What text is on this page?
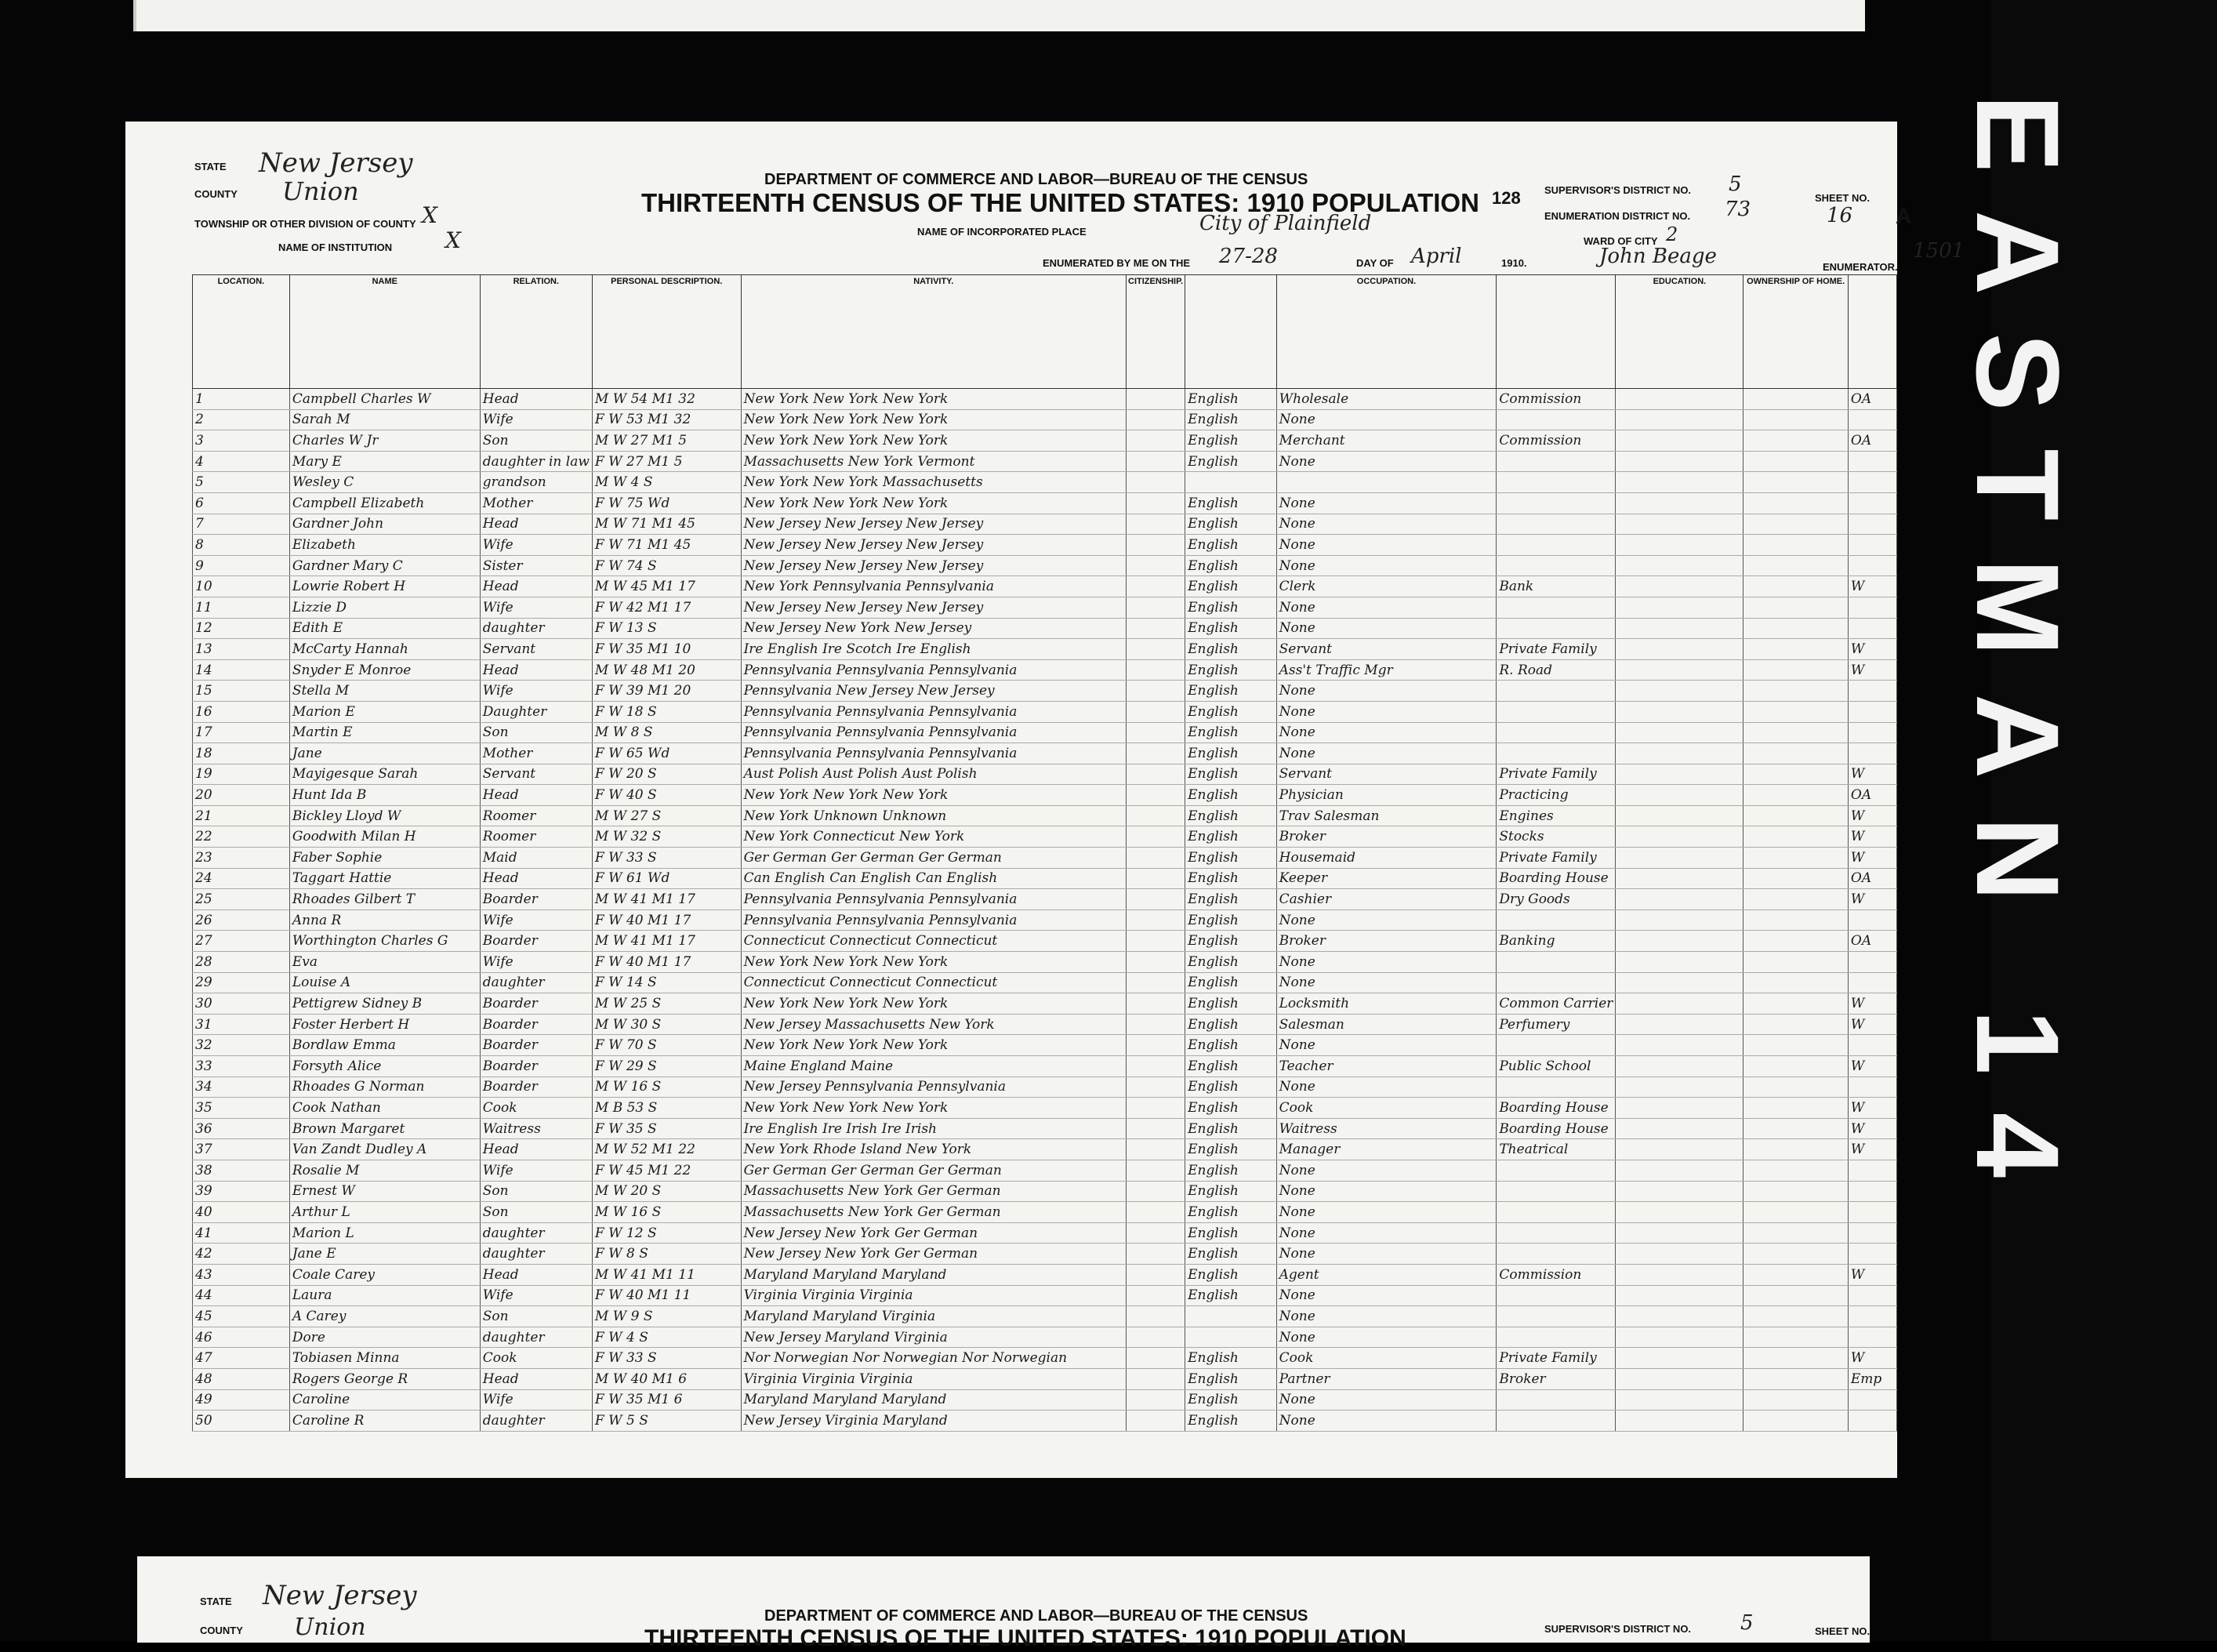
DEPARTMENT OF COMMERCE AND LABOR—BUREAU OF THE CENSUS
THIRTEENTH CENSUS OF THE UNITED STATES: 1910 POPULATION
STATE New Jersey
COUNTY Union
TOWNSHIP OR OTHER DIVISION OF COUNTY X
NAME OF INSTITUTION X	NAME OF INCORPORATED PLACE	City of Plainfield
ENUMERATED BY ME ON THE 27-28	DAY OF April	1910.	John Beage	ENUMERATOR.
128 SUPERVISOR'S DISTRICT NO. 5
ENUMERATION DISTRICT NO. 73
WARD OF CITY 2
SHEET NO.
16 A
1501
LOCATION.	NAME	RELATION.	PERSONAL DESCRIPTION.	NATIVITY.	CITIZENSHIP.		OCCUPATION.		EDUCATION.	OWNERSHIP OF HOME.	
1	Campbell Charles W	Head	M W 54 M1 32	New York New York New York		English	Wholesale	Commission			OA
2	Sarah M	Wife	F W 53 M1 32	New York New York New York		English	None				
3	Charles W Jr	Son	M W 27 M1 5	New York New York New York		English	Merchant	Commission			OA
4	Mary E	daughter in law	F W 27 M1 5	Massachusetts New York Vermont		English	None				
5	Wesley C	grandson	M W 4 S	New York New York Massachusetts							
6	Campbell Elizabeth	Mother	F W 75 Wd	New York New York New York		English	None				
7	Gardner John	Head	M W 71 M1 45	New Jersey New Jersey New Jersey		English	None				
8	Elizabeth	Wife	F W 71 M1 45	New Jersey New Jersey New Jersey		English	None				
9	Gardner Mary C	Sister	F W 74 S	New Jersey New Jersey New Jersey		English	None				
10	Lowrie Robert H	Head	M W 45 M1 17	New York Pennsylvania Pennsylvania		English	Clerk	Bank			W
11	Lizzie D	Wife	F W 42 M1 17	New Jersey New Jersey New Jersey		English	None				
12	Edith E	daughter	F W 13 S	New Jersey New York New Jersey		English	None				
13	McCarty Hannah	Servant	F W 35 M1 10	Ire English Ire Scotch Ire English		English	Servant	Private Family			W
14	Snyder E Monroe	Head	M W 48 M1 20	Pennsylvania Pennsylvania Pennsylvania		English	Ass't Traffic Mgr	R. Road			W
15	Stella M	Wife	F W 39 M1 20	Pennsylvania New Jersey New Jersey		English	None				
16	Marion E	Daughter	F W 18 S	Pennsylvania Pennsylvania Pennsylvania		English	None				
17	Martin E	Son	M W 8 S	Pennsylvania Pennsylvania Pennsylvania		English	None				
18	Jane	Mother	F W 65 Wd	Pennsylvania Pennsylvania Pennsylvania		English	None				
19	Mayigesque Sarah	Servant	F W 20 S	Aust Polish Aust Polish Aust Polish		English	Servant	Private Family			W
20	Hunt Ida B	Head	F W 40 S	New York New York New York		English	Physician	Practicing			OA
21	Bickley Lloyd W	Roomer	M W 27 S	New York Unknown Unknown		English	Trav Salesman	Engines			W
22	Goodwith Milan H	Roomer	M W 32 S	New York Connecticut New York		English	Broker	Stocks			W
23	Faber Sophie	Maid	F W 33 S	Ger German Ger German Ger German		English	Housemaid	Private Family			W
24	Taggart Hattie	Head	F W 61 Wd	Can English Can English Can English		English	Keeper	Boarding House			OA
25	Rhoades Gilbert T	Boarder	M W 41 M1 17	Pennsylvania Pennsylvania Pennsylvania		English	Cashier	Dry Goods			W
26	Anna R	Wife	F W 40 M1 17	Pennsylvania Pennsylvania Pennsylvania		English	None				
27	Worthington Charles G	Boarder	M W 41 M1 17	Connecticut Connecticut Connecticut		English	Broker	Banking			OA
28	Eva	Wife	F W 40 M1 17	New York New York New York		English	None				
29	Louise A	daughter	F W 14 S	Connecticut Connecticut Connecticut		English	None				
30	Pettigrew Sidney B	Boarder	M W 25 S	New York New York New York		English	Locksmith	Common Carrier			W
31	Foster Herbert H	Boarder	M W 30 S	New Jersey Massachusetts New York		English	Salesman	Perfumery			W
32	Bordlaw Emma	Boarder	F W 70 S	New York New York New York		English	None				
33	Forsyth Alice	Boarder	F W 29 S	Maine England Maine		English	Teacher	Public School			W
34	Rhoades G Norman	Boarder	M W 16 S	New Jersey Pennsylvania Pennsylvania		English	None				
35	Cook Nathan	Cook	M B 53 S	New York New York New York		English	Cook	Boarding House			W
36	Brown Margaret	Waitress	F W 35 S	Ire English Ire Irish Ire Irish		English	Waitress	Boarding House			W
37	Van Zandt Dudley A	Head	M W 52 M1 22	New York Rhode Island New York		English	Manager	Theatrical			W
38	Rosalie M	Wife	F W 45 M1 22	Ger German Ger German Ger German		English	None				
39	Ernest W	Son	M W 20 S	Massachusetts New York Ger German		English	None				
40	Arthur L	Son	M W 16 S	Massachusetts New York Ger German		English	None				
41	Marion L	daughter	F W 12 S	New Jersey New York Ger German		English	None				
42	Jane E	daughter	F W 8 S	New Jersey New York Ger German		English	None				
43	Coale Carey	Head	M W 41 M1 11	Maryland Maryland Maryland		English	Agent	Commission			W
44	Laura	Wife	F W 40 M1 11	Virginia Virginia Virginia		English	None				
45	A Carey	Son	M W 9 S	Maryland Maryland Virginia			None				
46	Dore	daughter	F W 4 S	New Jersey Maryland Virginia			None				
47	Tobiasen Minna	Cook	F W 33 S	Nor Norwegian Nor Norwegian Nor Norwegian		English	Cook	Private Family			W
48	Rogers George R	Head	M W 40 M1 6	Virginia Virginia Virginia		English	Partner	Broker			Emp
49	Caroline	Wife	F W 35 M1 6	Maryland Maryland Maryland		English	None				
50	Caroline R	daughter	F W 5 S	New Jersey Virginia Maryland		English	None				
STATE New Jersey
COUNTY Union	DEPARTMENT OF COMMERCE AND LABOR—BUREAU OF THE CENSUS
THIRTEENTH CENSUS OF THE UNITED STATES: 1910 POPULATION	SUPERVISOR'S DISTRICT NO. 5	SHEET NO.
EASTMAN 14
